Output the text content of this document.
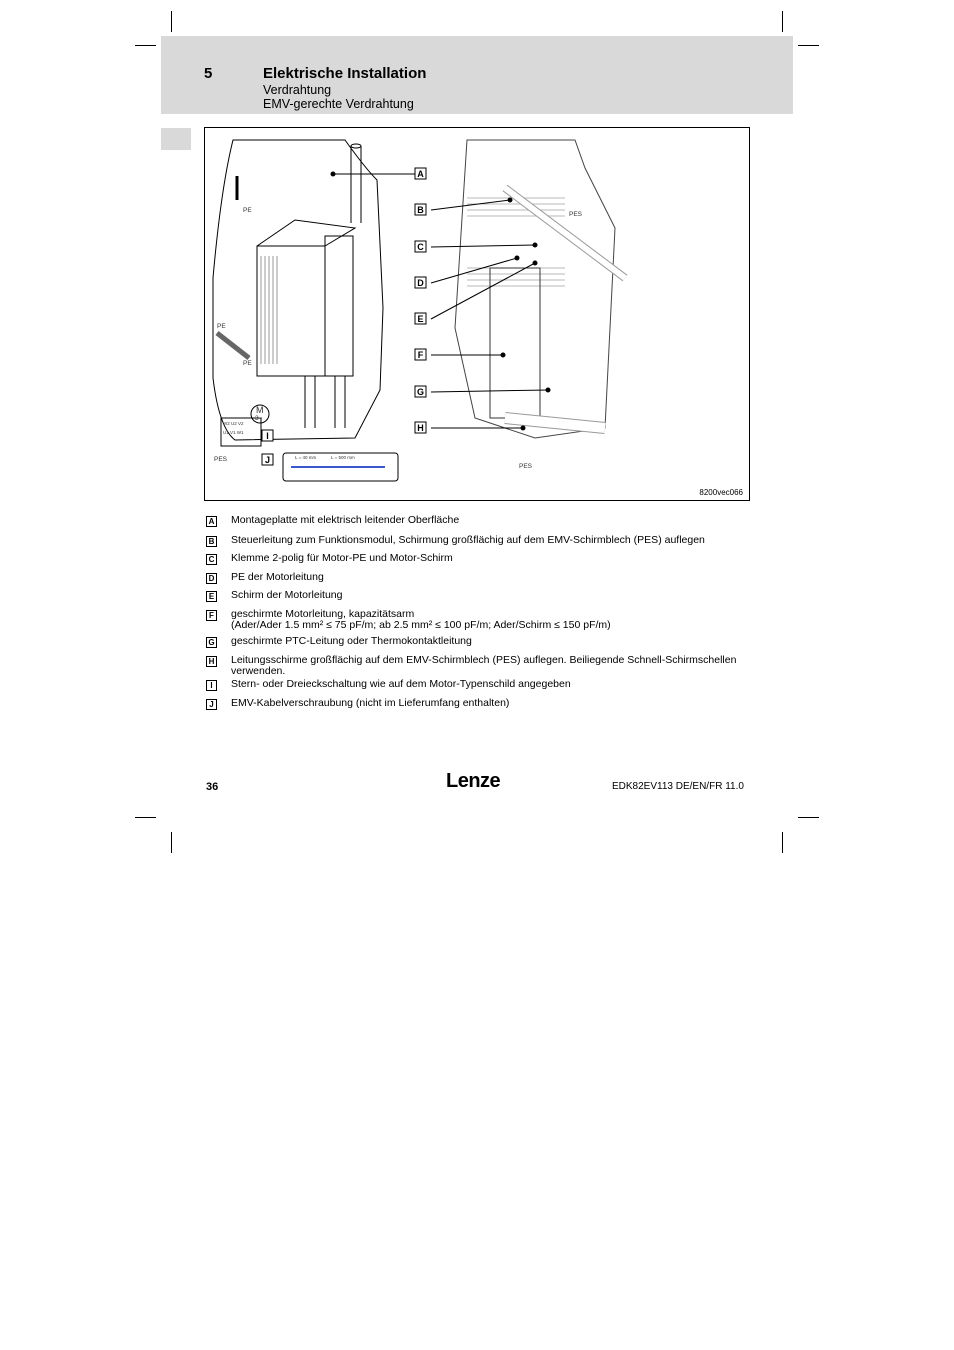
5	Elektrische Installation
Verdrahtung
EMV-gerechte Verdrahtung
A
B
C
D
E
F
G
H
I
J
PE
PE
PE
PES
PES
PES
M
3~
W2 U2 V2
U1 V1 W1
L = 40 mm	L = 500 mm
8200vec066
A Montageplatte mit elektrisch leitender Oberfläche
B Steuerleitung zum Funktionsmodul, Schirmung großflächig auf dem EMV-Schirmblech (PES) auflegen
C Klemme 2-polig für Motor-PE und Motor-Schirm
D PE der Motorleitung
E Schirm der Motorleitung
F geschirmte Motorleitung, kapazitätsarm
(Ader/Ader 1.5 mm² ≤ 75 pF/m; ab 2.5 mm² ≤ 100 pF/m; Ader/Schirm ≤ 150 pF/m)
G geschirmte PTC-Leitung oder Thermokontaktleitung
H Leitungsschirme großflächig auf dem EMV-Schirmblech (PES) auflegen. Beiliegende Schnell-Schirmschellen
verwenden.
I	Stern- oder Dreieckschaltung wie auf dem Motor-Typenschild angegeben
J	EMV-Kabelverschraubung (nicht im Lieferumfang enthalten)
36	Lenze	EDK82EV113 DE/EN/FR 11.0
